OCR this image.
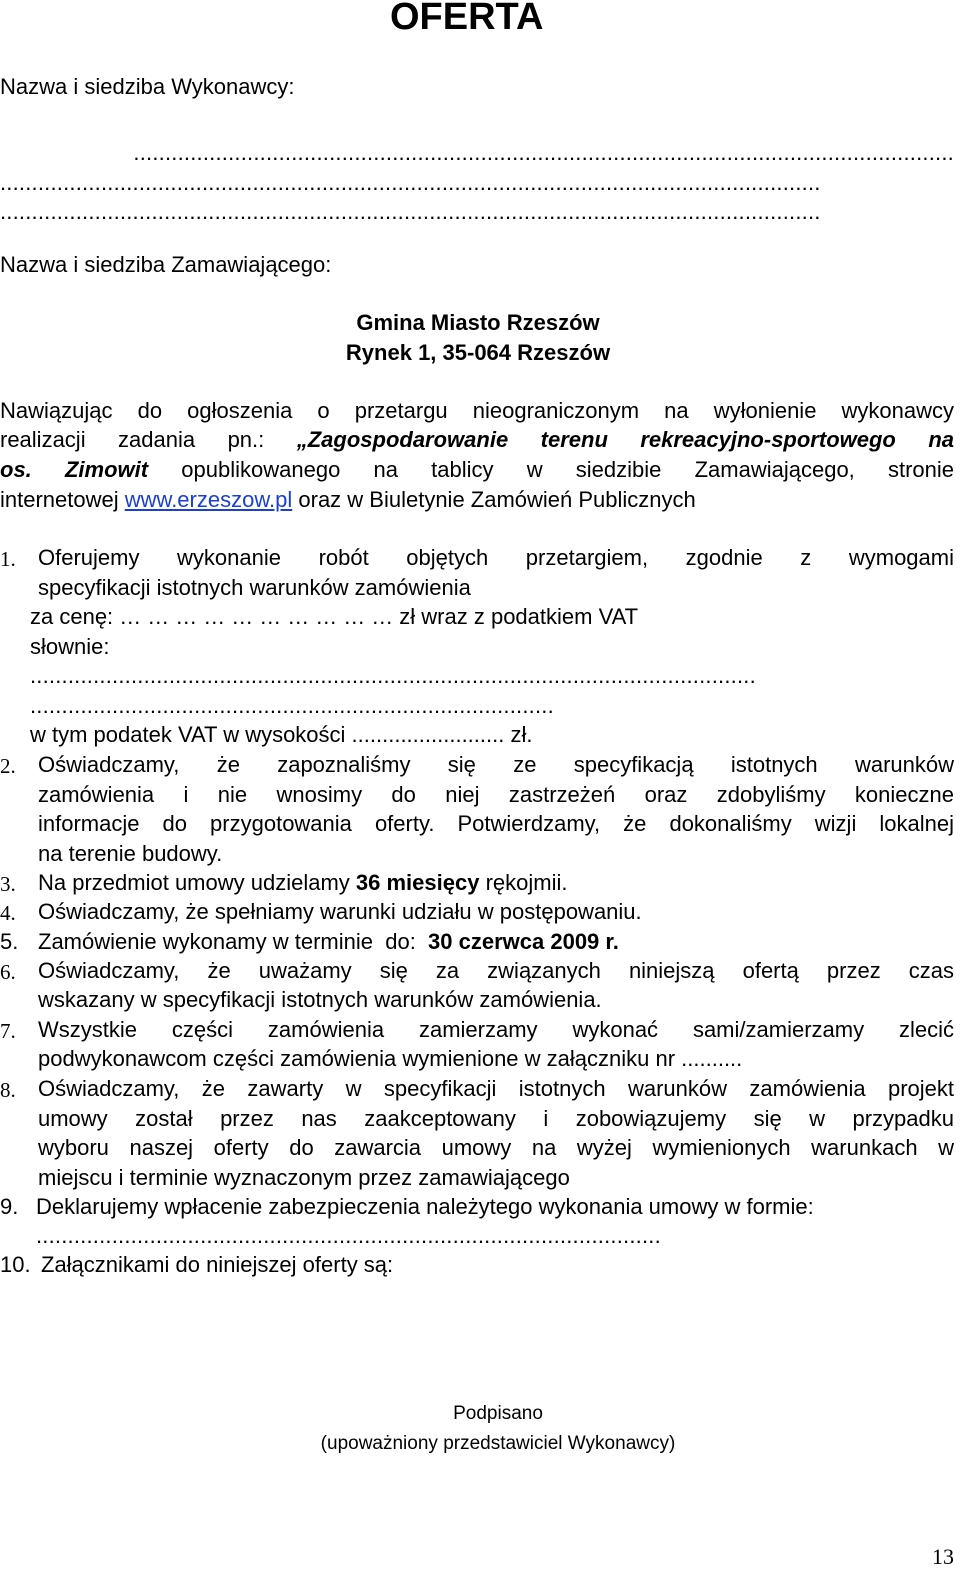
OFERTA
Nazwa i siedziba Wykonawcy:
..................................................................................................................................
..................................................................................................................................
..................................................................................................................................
Nazwa i siedziba Zamawiającego:
Gmina Miasto Rzeszów
Rynek 1, 35-064 Rzeszów
Nawiązując do ogłoszenia o przetargu nieograniczonym na wyłonienie wykonawcy
realizacji zadania pn.: „Zagospodarowanie terenu rekreacyjno-sportowego na
os. Zimowit opublikowanego na tablicy w siedzibie Zamawiającego, stronie
internetowej www.erzeszow.pl oraz w Biuletynie Zamówień Publicznych
1. Oferujemy wykonanie robót objętych przetargiem, zgodnie z wymogami
specyfikacji istotnych warunków zamówienia
za cenę: …………………………zł wraz z podatkiem VAT
słownie:
...................................................................................................................
...................................................................................
w tym podatek VAT w wysokości ......................... zł.
2. Oświadczamy, że zapoznaliśmy się ze specyfikacją istotnych warunków
zamówienia i nie wnosimy do niej zastrzeżeń oraz zdobyliśmy konieczne
informacje do przygotowania oferty. Potwierdzamy, że dokonaliśmy wizji lokalnej
na terenie budowy.
3. Na przedmiot umowy udzielamy 36 miesięcy rękojmii.
4. Oświadczamy, że spełniamy warunki udziału w postępowaniu.
5. Zamówienie wykonamy w terminie  do:  30 czerwca 2009 r.
6. Oświadczamy, że uważamy się za związanych niniejszą ofertą przez czas
wskazany w specyfikacji istotnych warunków zamówienia.
7. Wszystkie części zamówienia zamierzamy wykonać sami/zamierzamy zlecić
podwykonawcom części zamówienia wymienione w załączniku nr ..........
8. Oświadczamy, że zawarty w specyfikacji istotnych warunków zamówienia projekt
umowy został przez nas zaakceptowany i zobowiązujemy się w przypadku
wyboru naszej oferty do zawarcia umowy na wyżej wymienionych warunkach w
miejscu i terminie wyznaczonym przez zamawiającego
9. Deklarujemy wpłacenie zabezpieczenia należytego wykonania umowy w formie:
...................................................................................................
10. Załącznikami do niniejszej oferty są:
Podpisano
(upoważniony przedstawiciel Wykonawcy)
13
